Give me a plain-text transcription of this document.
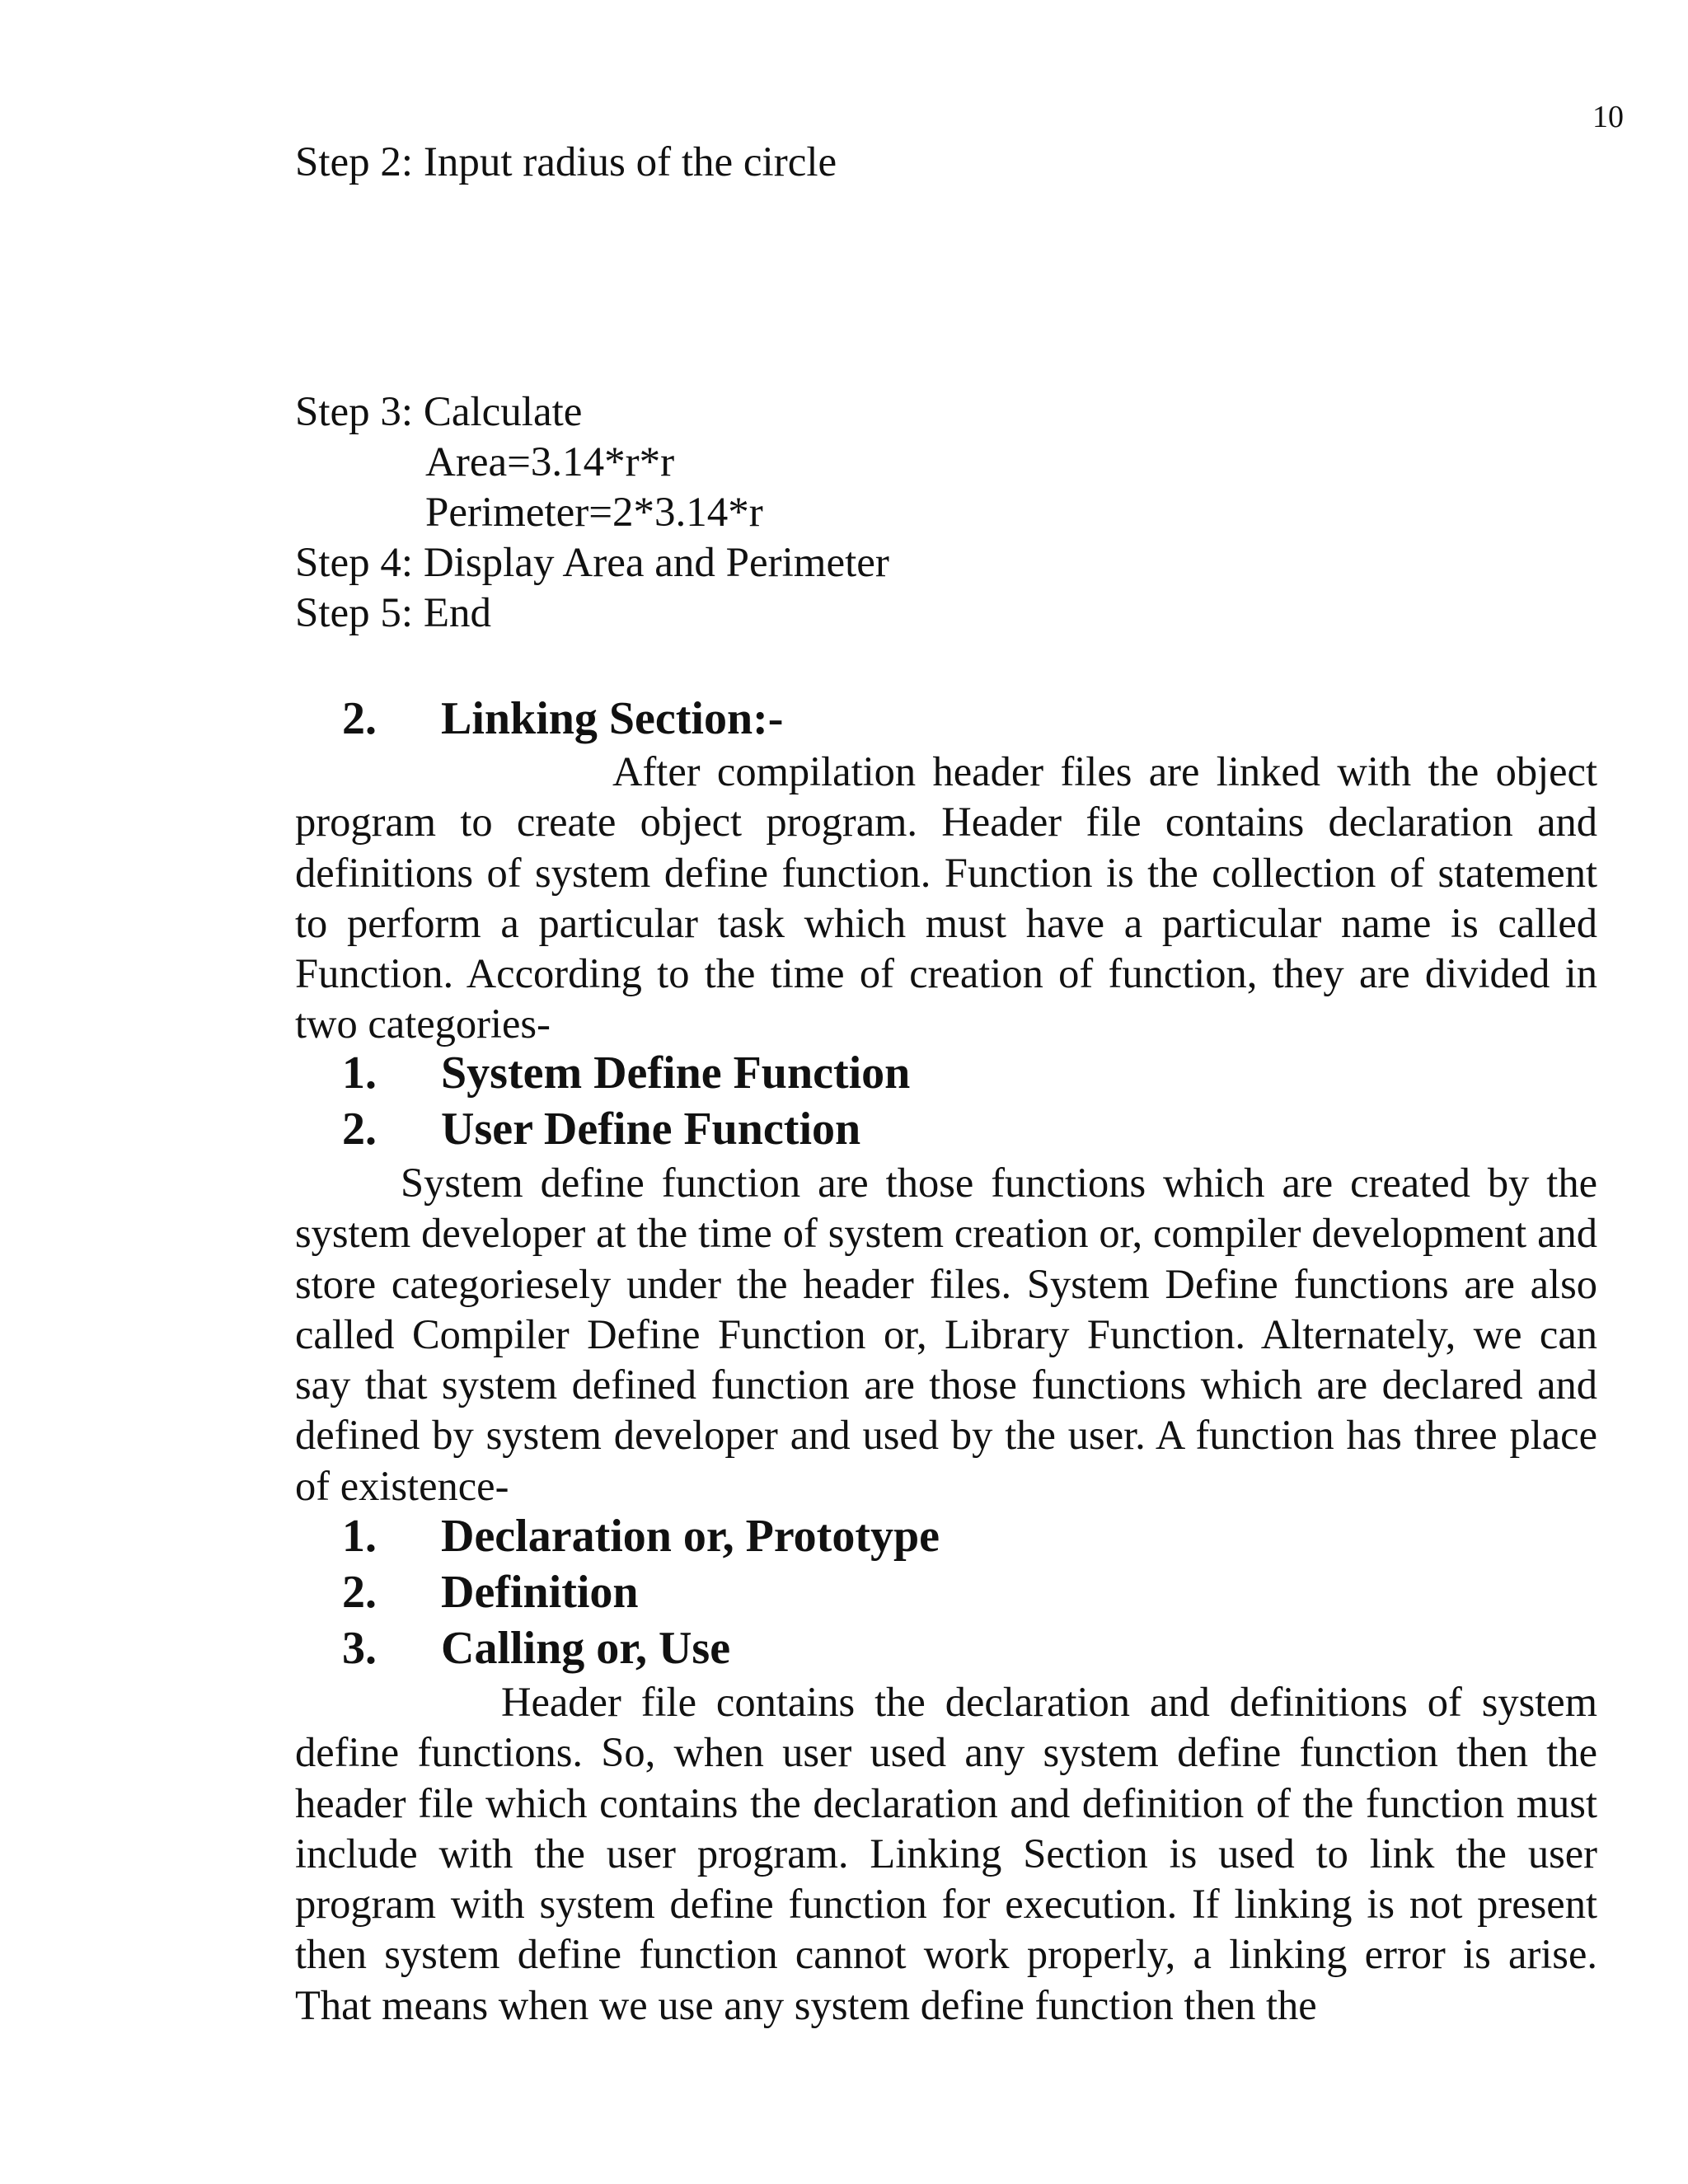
10
Step 2: Input radius of the circle
Step 3: Calculate
Area=3.14*r*r
Perimeter=2*3.14*r
Step 4: Display Area and Perimeter
Step 5: End
2. Linking Section:-

After compilation header files are linked with the object program to create object program. Header file contains declaration and definitions of system define function. Function is the collection of statement to perform a particular task which must have a particular name is called Function. According to the time of creation of function, they are divided in two categories-

1. System Define Function
2. User Define Function

System define function are those functions which are created by the system developer at the time of system creation or, compiler development and store categoriesely under the header files. System Define functions are also called Compiler Define Function or, Library Function. Alternately, we can say that system defined function are those functions which are declared and defined by system developer and used by the user. A function has three place of existence-

1. Declaration or, Prototype
2. Definition
3. Calling or, Use

Header file contains the declaration and definitions of system define functions. So, when user used any system define function then the header file which contains the declaration and definition of the function must include with the user program. Linking Section is used to link the user program with system define function for execution. If linking is not present then system define function cannot work properly, a linking error is arise. That means when we use any system define function then the
